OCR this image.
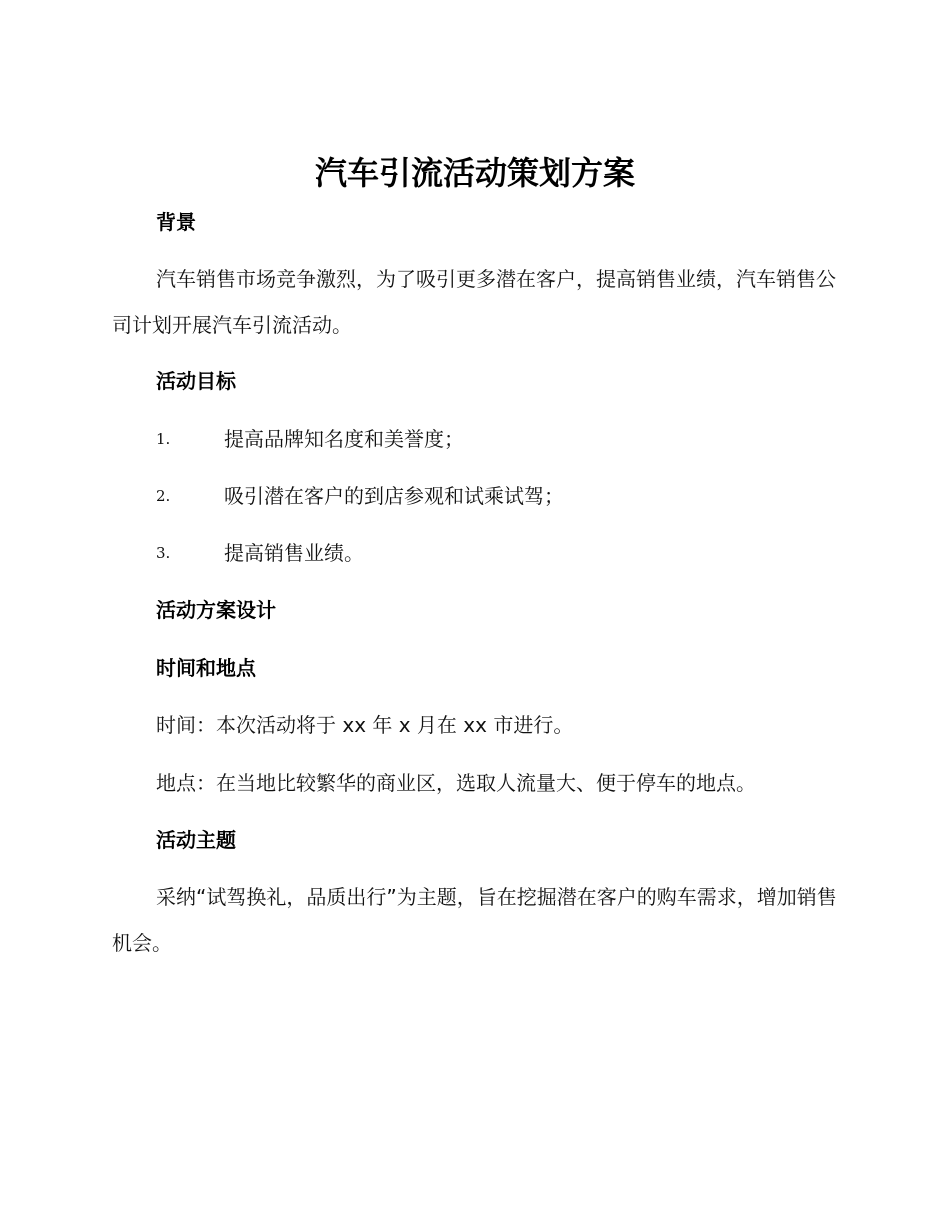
汽车引流活动策划方案
背景
汽车销售市场竞争激烈，为了吸引更多潜在客户，提高销售业绩，汽车销售公司计划开展汽车引流活动。
活动目标
1.	提高品牌知名度和美誉度；
2.	吸引潜在客户的到店参观和试乘试驾；
3.	提高销售业绩。
活动方案设计
时间和地点
时间：本次活动将于 xx 年 x 月在 xx 市进行。
地点：在当地比较繁华的商业区，选取人流量大、便于停车的地点。
活动主题
采纳“试驾换礼，品质出行”为主题，旨在挖掘潜在客户的购车需求，增加销售机会。
